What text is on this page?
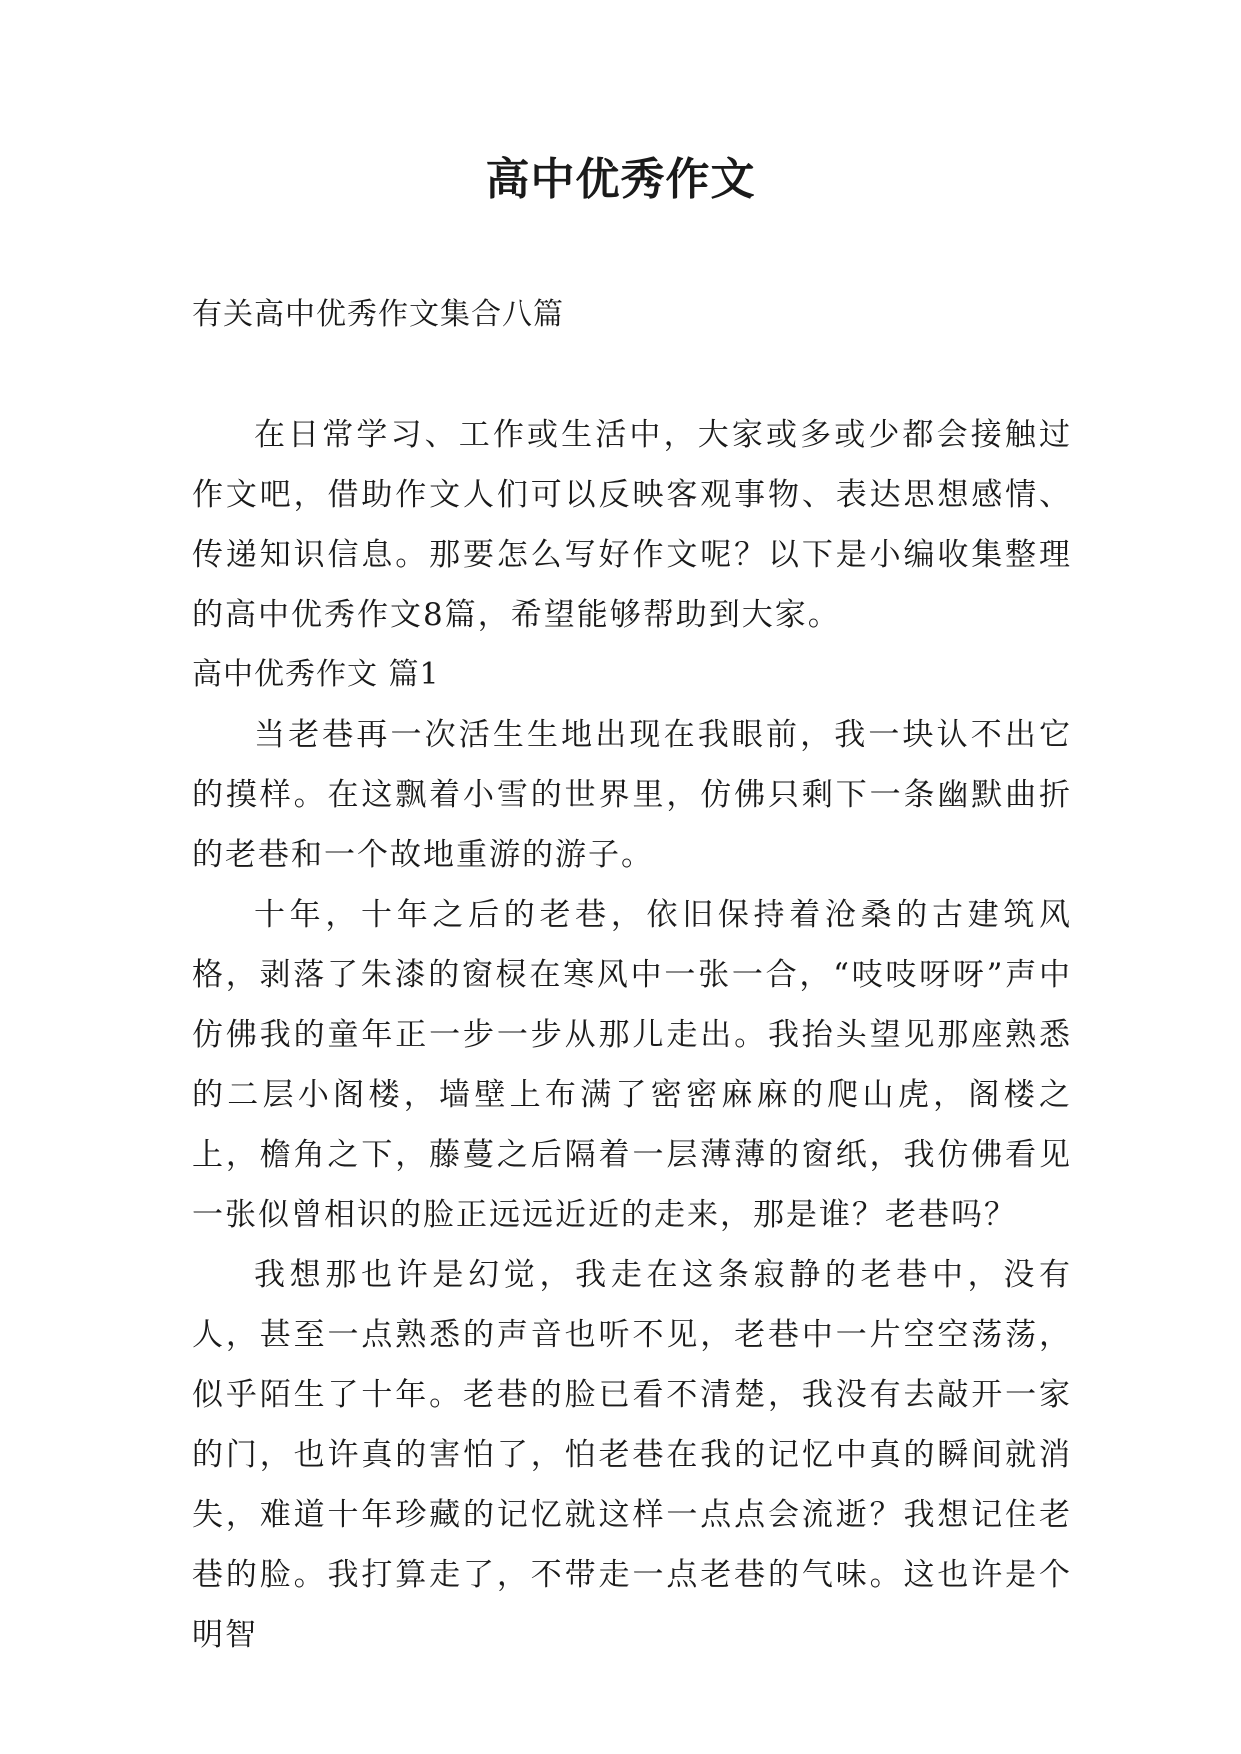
高中优秀作文
有关高中优秀作文集合八篇

在日常学习、工作或生活中，大家或多或少都会接触过作文吧，借助作文人们可以反映客观事物、表达思想感情、传递知识信息。那要怎么写好作文呢？以下是小编收集整理的高中优秀作文8篇，希望能够帮助到大家。

高中优秀作文 篇1

当老巷再一次活生生地出现在我眼前，我一块认不出它的摸样。在这飘着小雪的世界里，仿佛只剩下一条幽默曲折的老巷和一个故地重游的游子。

十年，十年之后的老巷，依旧保持着沧桑的古建筑风格，剥落了朱漆的窗棂在寒风中一张一合，“吱吱呀呀”声中仿佛我的童年正一步一步从那儿走出。我抬头望见那座熟悉的二层小阁楼，墙壁上布满了密密麻麻的爬山虎，阁楼之上，檐角之下，藤蔓之后隔着一层薄薄的窗纸，我仿佛看见一张似曾相识的脸正远远近近的走来，那是谁？老巷吗？

我想那也许是幻觉，我走在这条寂静的老巷中，没有人，甚至一点熟悉的声音也听不见，老巷中一片空空荡荡，似乎陌生了十年。老巷的脸已看不清楚，我没有去敲开一家的门，也许真的害怕了，怕老巷在我的记忆中真的瞬间就消失，难道十年珍藏的记忆就这样一点点会流逝？我想记住老巷的脸。我打算走了，不带走一点老巷的气味。这也许是个明智
